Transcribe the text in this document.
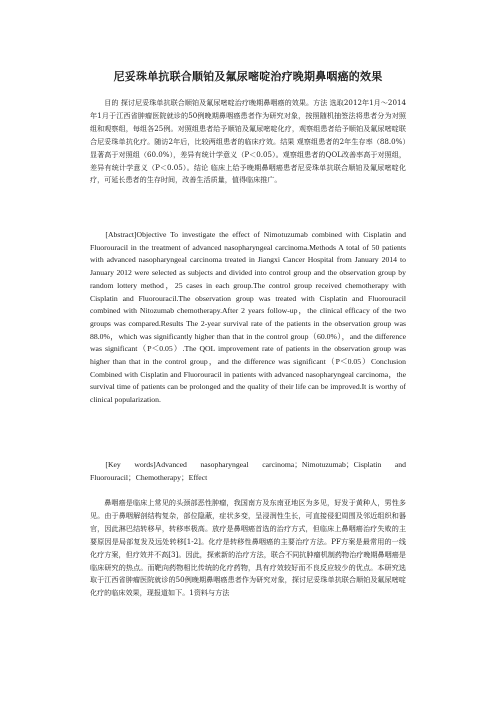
尼妥珠单抗联合顺铂及氟尿嘧啶治疗晚期鼻咽癌的效果

目的 探讨尼妥珠单抗联合顺铂及氟尿嘧啶治疗晚期鼻咽癌的效果。方法 选取2012年1月～2014年1月于江西省肿瘤医院就诊的50例晚期鼻咽癌患者作为研究对象，按照随机抽签法将患者分为对照组和观察组，每组各25例。对照组患者给予顺铂及氟尿嘧啶化疗，观察组患者给予顺铂及氟尿嘧啶联合尼妥珠单抗化疗。随访2年后，比较两组患者的临床疗效。结果 观察组患者的2年生存率（88.0%）显著高于对照组（60.0%），差异有统计学意义（P＜0.05）。观察组患者的QOL改善率高于对照组，差异有统计学意义（P＜0.05）。结论 临床上给予晚期鼻咽癌患者尼妥珠单抗联合顺铂及氟尿嘧啶化疗，可延长患者的生存时间，改善生活质量，值得临床推广。

[Abstract]Objective To investigate the effect of Nimotuzumab combined with Cisplatin and Fluorouracil in the treatment of advanced nasopharyngeal carcinoma.Methods A total of 50 patients with advanced nasopharyngeal carcinoma treated in Jiangxi Cancer Hospital from January 2014 to January 2012 were selected as subjects and divided into control group and the observation group by random lottery method，25 cases in each group.The control group received chemotherapy with Cisplatin and Fluorouracil.The observation group was treated with Cisplatin and Fluorouracil combined with Nitozumab chemotherapy.After 2 years follow-up，the clinical efficacy of the two groups was compared.Results The 2-year survival rate of the patients in the observation group was 88.0%，which was significantly higher than that in the control group（60.0%），and the difference was significant（P＜0.05）.The QOL improvement rate of patients in the observation group was higher than that in the control group，and the difference was significant（P＜0.05）Conclusion Combined with Cisplatin and Fluorouracil in patients with advanced nasopharyngeal carcinoma，the survival time of patients can be prolonged and the quality of their life can be improved.It is worthy of clinical popularization.

[Key words]Advanced nasopharyngeal carcinoma；Nimotuzumab；Cisplatin and Fluorouracil；Chemotherapy；Effect

鼻咽癌是临床上常见的头颈部恶性肿瘤，我国南方及东南亚地区为多见，好发于黄种人，男性多见。由于鼻咽解剖结构复杂，部位隐蔽，症状多变，呈浸润性生长，可直接侵犯周围及邻近组织和器官，因此淋巴结转移早，转移率极高。放疗是鼻咽癌首选的治疗方式，但临床上鼻咽癌治疗失败的主要原因是局部复发及远处转移[1-2]。化疗是转移性鼻咽癌的主要治疗方法。PF方案是最常用的一线化疗方案，但疗效并不高[3]。因此，探索新的治疗方法，联合不同抗肿瘤机制药物治疗晚期鼻咽癌是临床研究的热点。而靶向药物相比传统的化疗药物，具有疗效较好而不良反应较少的优点。本研究选取于江西省肿瘤医院就诊的50例晚期鼻咽癌患者作为研究对象，探讨尼妥珠单抗联合顺铂及氟尿嘧啶化疗的临床效果，现报道如下。1资料与方法
